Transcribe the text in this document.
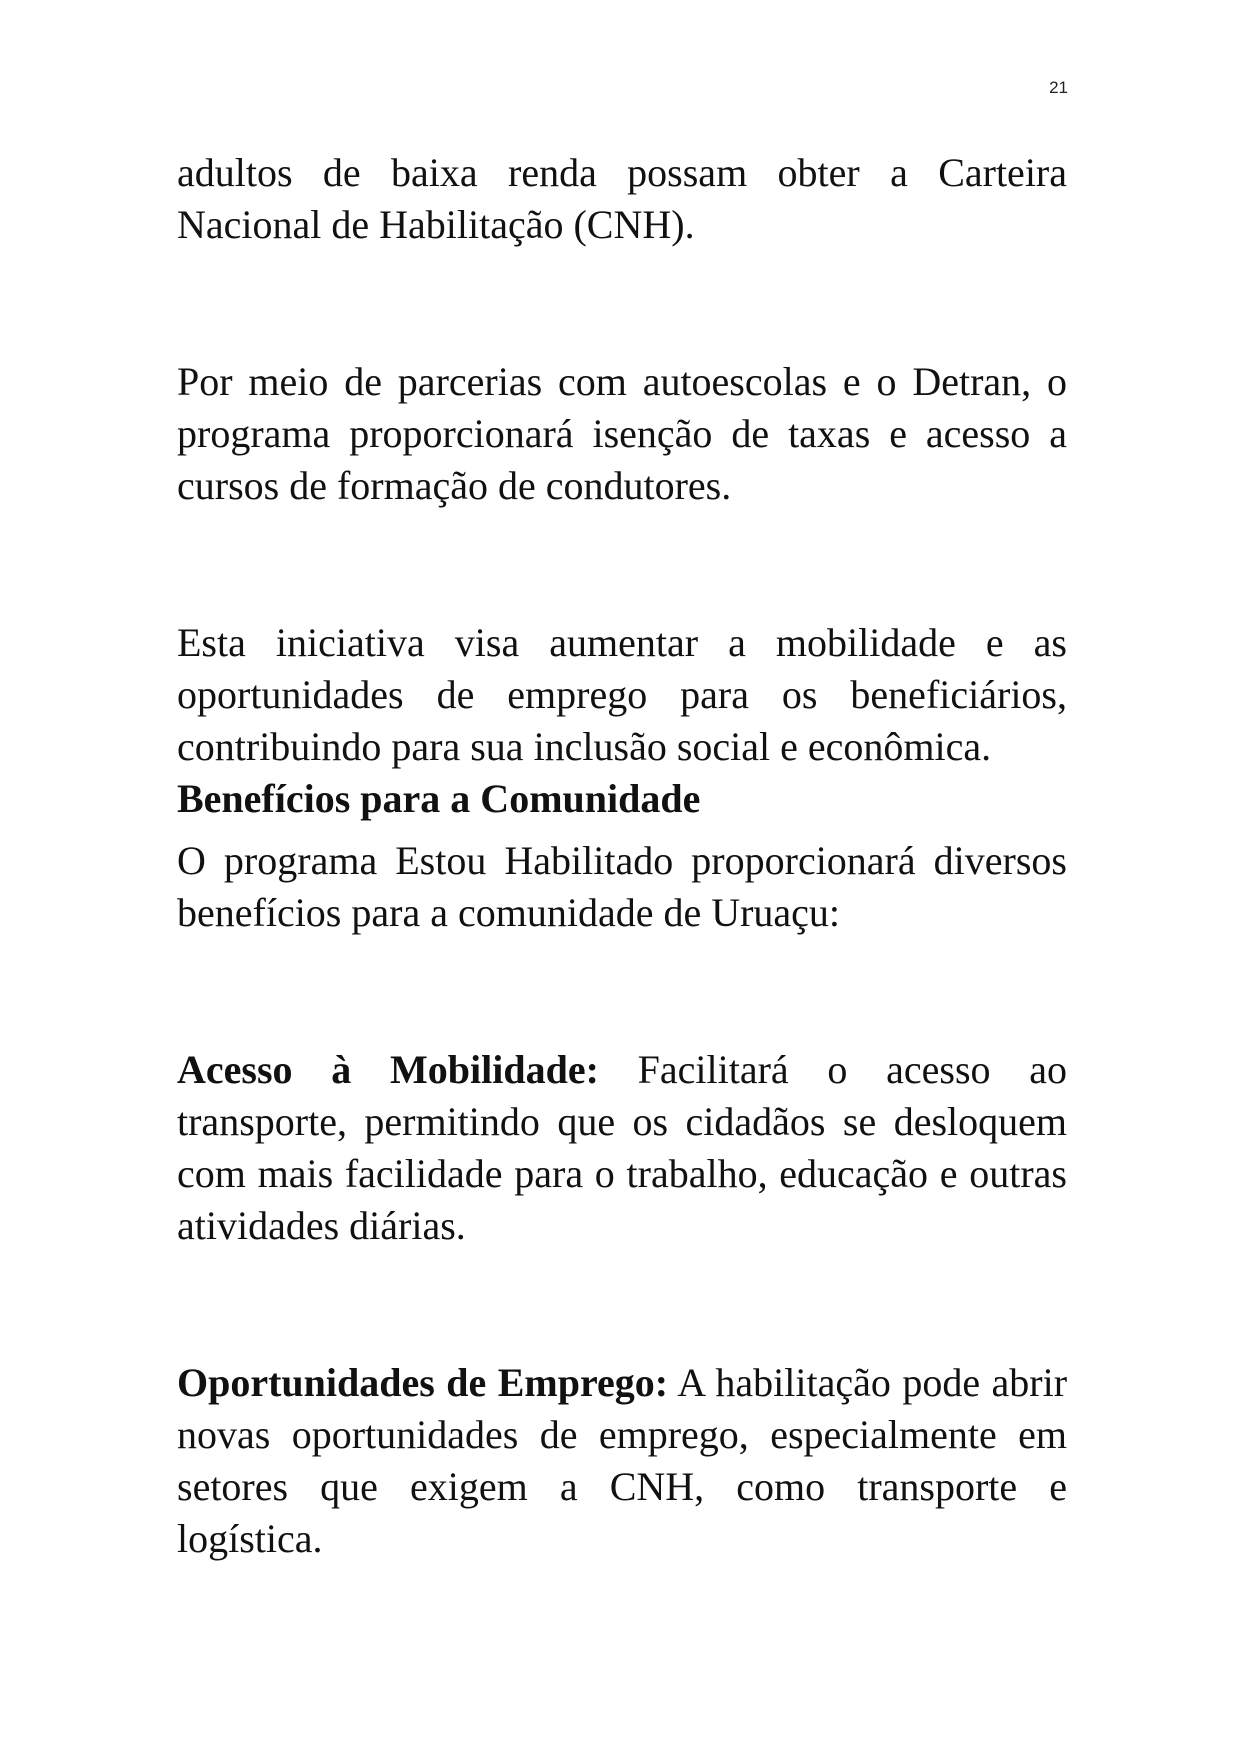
21

adultos de baixa renda possam obter a Carteira Nacional de Habilitação (CNH).

Por meio de parcerias com autoescolas e o Detran, o programa proporcionará isenção de taxas e acesso a cursos de formação de condutores.

Esta iniciativa visa aumentar a mobilidade e as oportunidades de emprego para os beneficiários, contribuindo para sua inclusão social e econômica.

Benefícios para a Comunidade

O programa Estou Habilitado proporcionará diversos benefícios para a comunidade de Uruaçu:

Acesso à Mobilidade: Facilitará o acesso ao transporte, permitindo que os cidadãos se desloquem com mais facilidade para o trabalho, educação e outras atividades diárias.

Oportunidades de Emprego: A habilitação pode abrir novas oportunidades de emprego, especialmente em setores que exigem a CNH, como transporte e logística.
